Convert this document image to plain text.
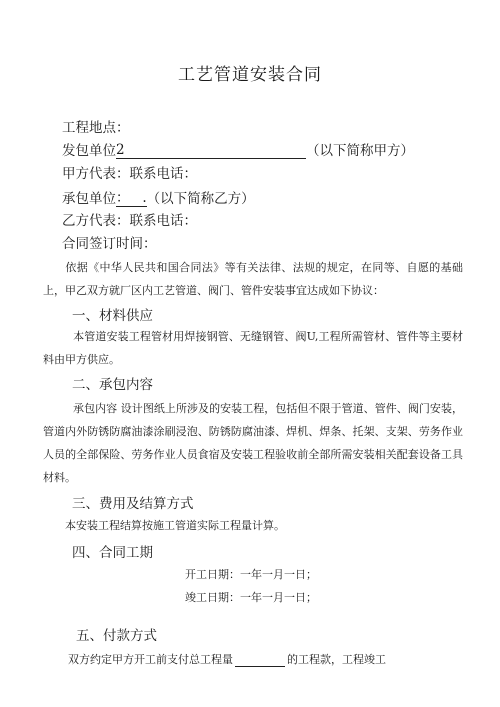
工艺管道安装合同
工程地点：
发包单位2	（以下简称甲方）
甲方代表：联系电话：
承包单位：   .（以下简称乙方）
乙方代表：联系电话：
合同签订时间：
依据《中华人民共和国合同法》等有关法律、法规的规定，在同等、自愿的基础上，甲乙双方就厂区内工艺管道、阀门、管件安装事宜达成如下协议：
一、材料供应
本管道安装工程管材用焊接钢管、无缝钢管、阀U,工程所需管材、管件等主要材料由甲方供应。
二、承包内容
承包内容 设计图纸上所涉及的安装工程，包括但不限于管道、管件、阀门安装，管道内外防锈防腐油漆涂刷浸泡、防锈防腐油漆、焊机、焊条、托架、支架、劳务作业人员的全部保险、劳务作业人员食宿及安装工程验收前全部所需安装相关配套设备工具材料。
三、费用及结算方式
本安装工程结算按施工管道实际工程量计算。
四、合同工期
开工日期：一年一月一日；
竣工日期：一年一月一日；
五、付款方式
双方约定甲方开工前支付总工程量	的工程款，工程竣工
